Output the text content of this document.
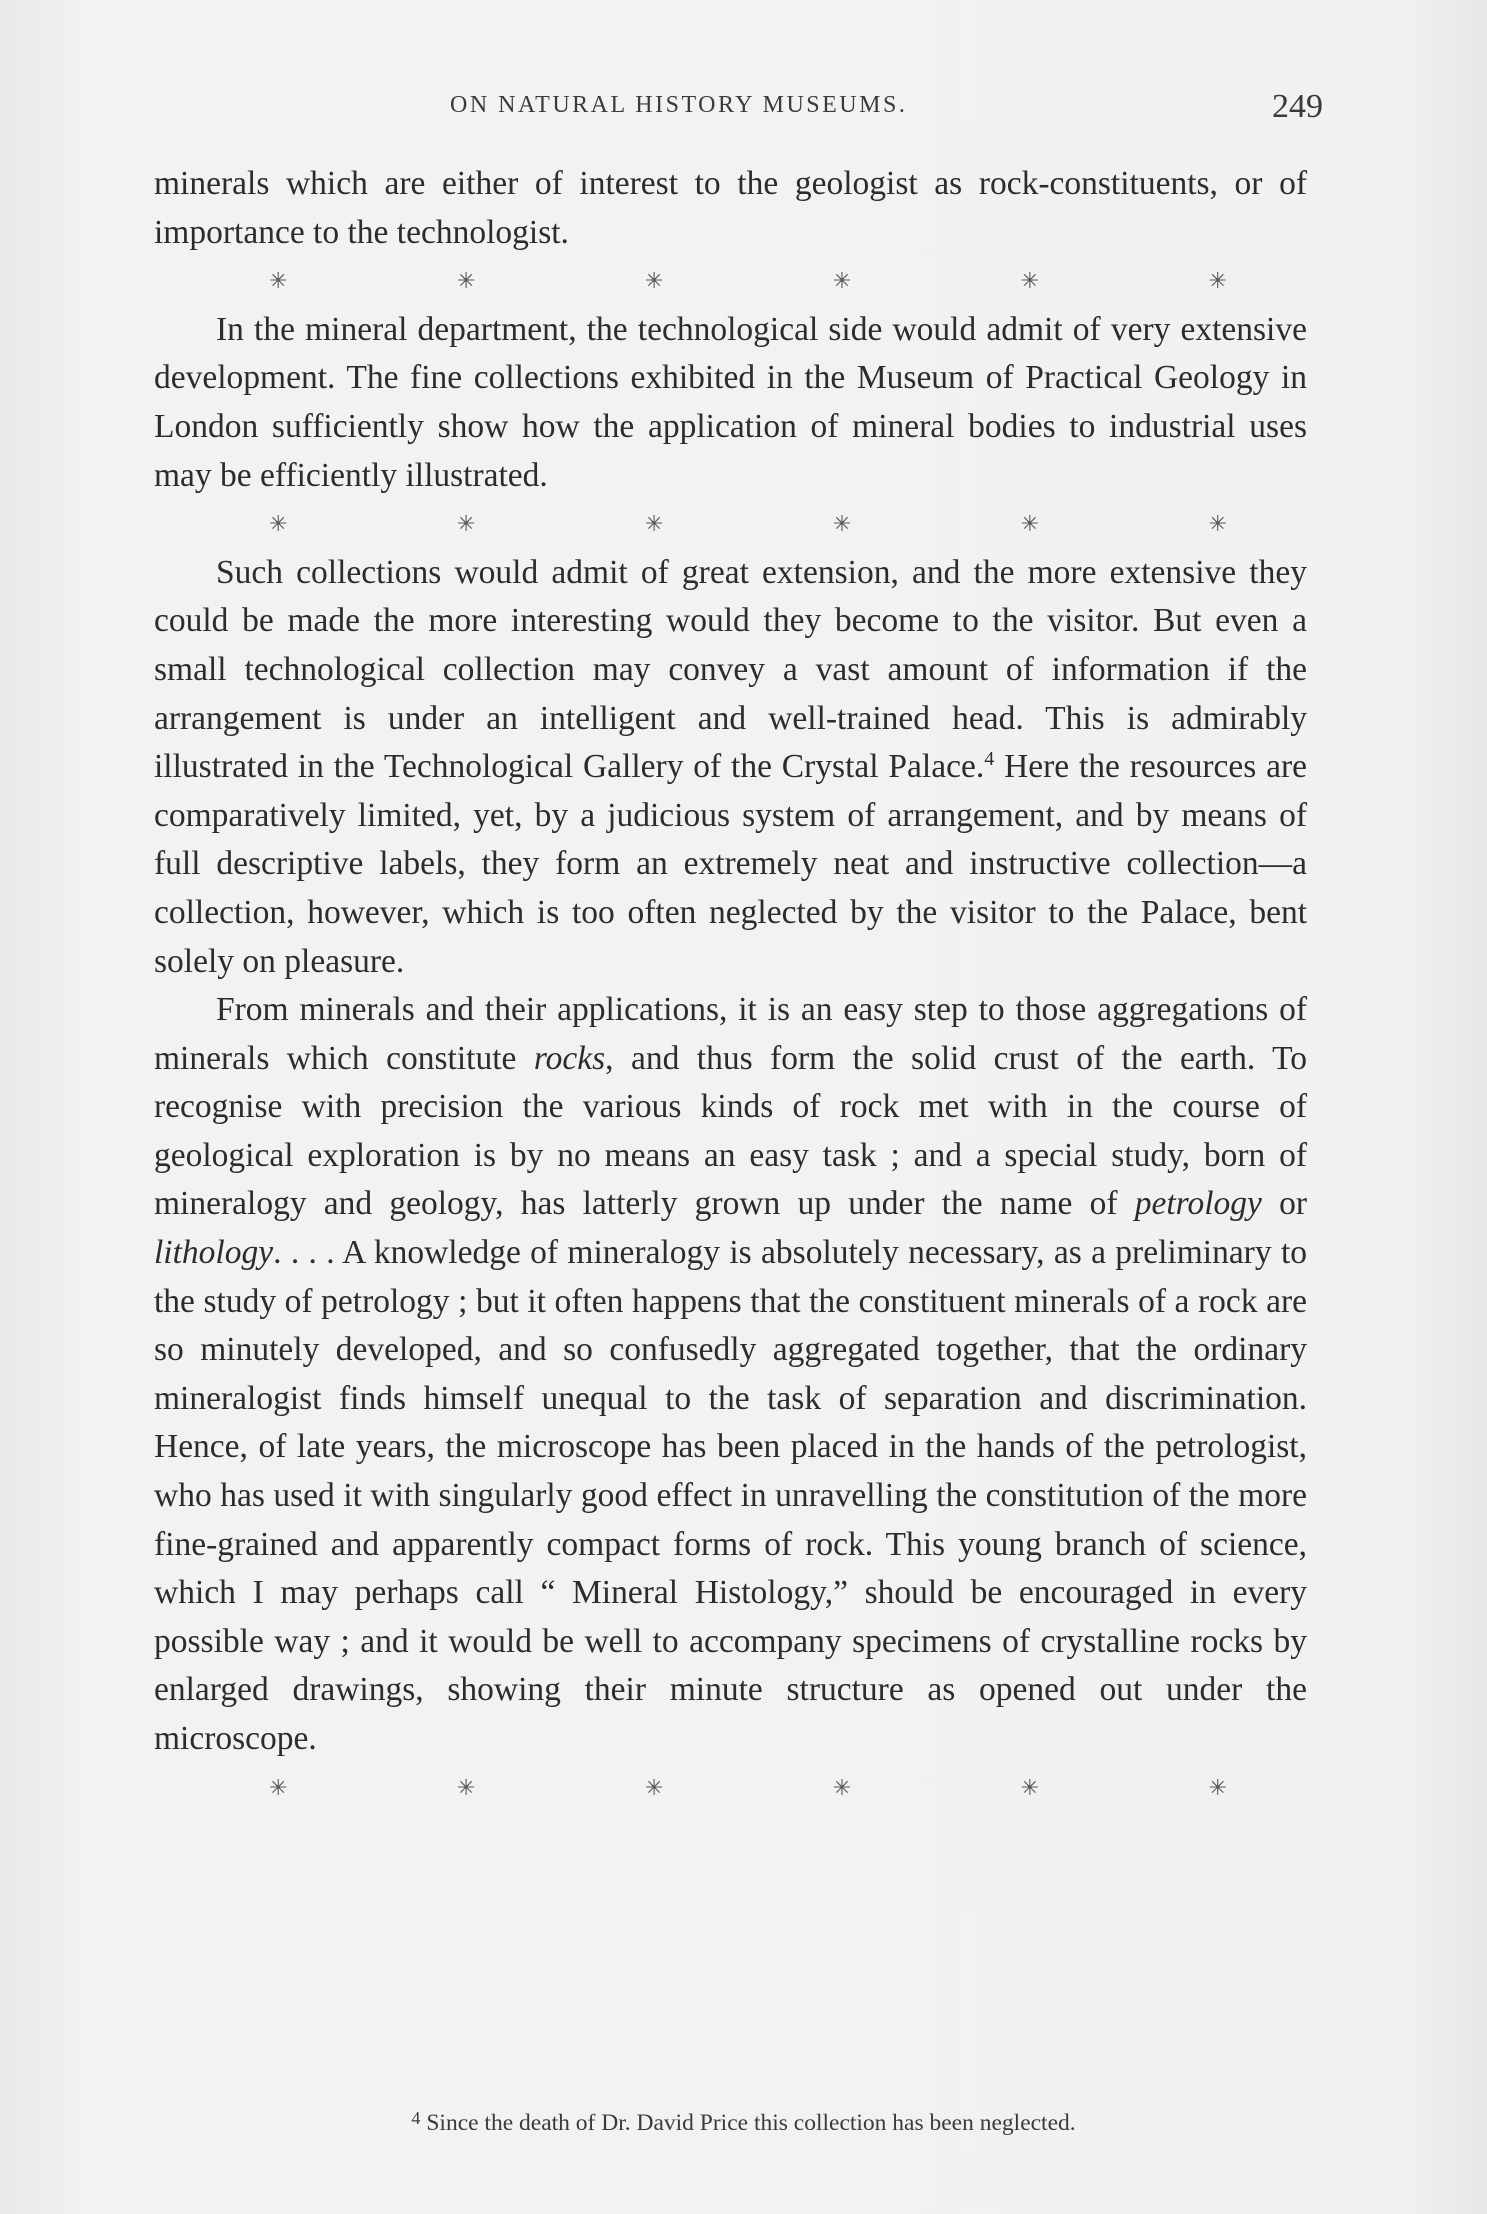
ON NATURAL HISTORY MUSEUMS.	249

minerals which are either of interest to the geologist as rock-constituents, or of importance to the technologist.

✳	✳	✳	✳	✳	✳

In the mineral department, the technological side would admit of very extensive development. The fine collections exhibited in the Museum of Practical Geology in London sufficiently show how the application of mineral bodies to industrial uses may be efficiently illustrated.

✳	✳	✳	✳	✳	✳

Such collections would admit of great extension, and the more extensive they could be made the more interesting would they become to the visitor. But even a small technological collection may convey a vast amount of information if the arrangement is under an intelligent and well-trained head. This is admirably illustrated in the Technological Gallery of the Crystal Palace.$^4$ Here the resources are comparatively limited, yet, by a judicious system of arrangement, and by means of full descriptive labels, they form an extremely neat and instructive collection—a collection, however, which is too often neglected by the visitor to the Palace, bent solely on pleasure.

From minerals and their applications, it is an easy step to those aggregations of minerals which constitute rocks, and thus form the solid crust of the earth. To recognise with precision the various kinds of rock met with in the course of geological exploration is by no means an easy task ; and a special study, born of mineralogy and geology, has latterly grown up under the name of petrology or lithology. . . . A knowledge of mineralogy is absolutely necessary, as a preliminary to the study of petrology ; but it often happens that the constituent minerals of a rock are so minutely developed, and so confusedly aggregated together, that the ordinary mineralogist finds himself unequal to the task of separation and discrimination. Hence, of late years, the microscope has been placed in the hands of the petrologist, who has used it with singularly good effect in unravelling the constitution of the more fine-grained and apparently compact forms of rock. This young branch of science, which I may perhaps call “ Mineral Histology,” should be encouraged in every possible way ; and it would be well to accompany specimens of crystalline rocks by enlarged drawings, showing their minute structure as opened out under the microscope.

✳	✳	✳	✳	✳	✳
$^4$ Since the death of Dr. David Price this collection has been neglected.
